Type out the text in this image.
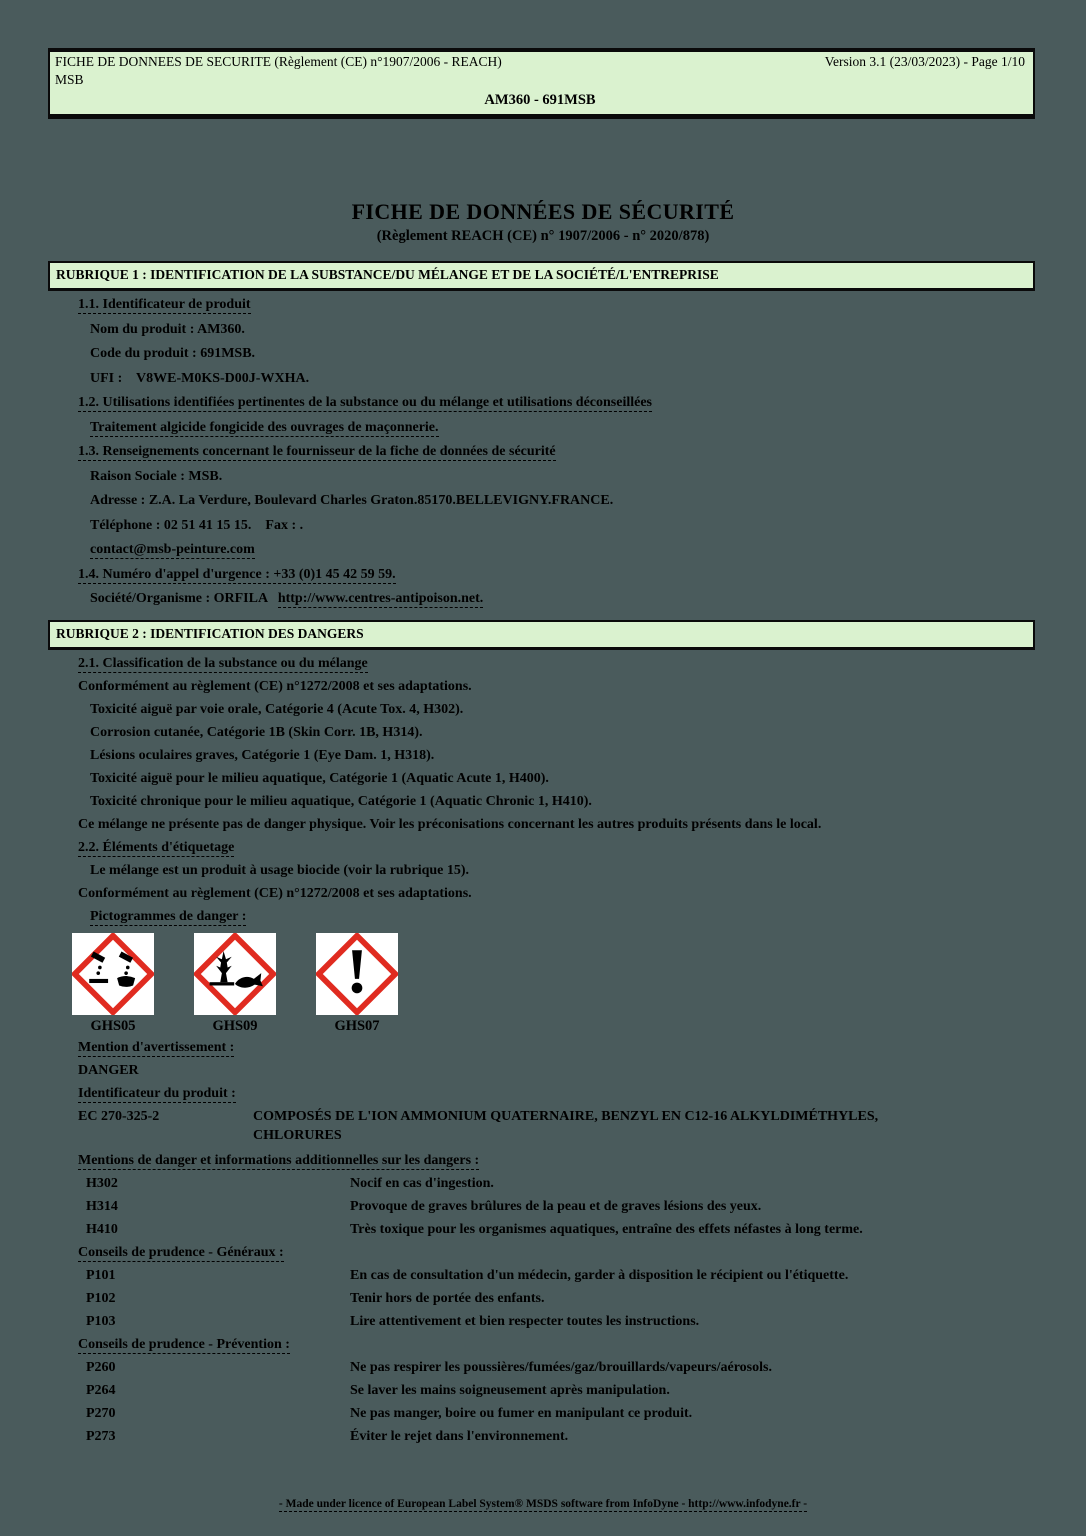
FICHE DE DONNEES DE SECURITE (Règlement (CE) n°1907/2006 - REACH)	Version 3.1 (23/03/2023) - Page 1/10
MSB
AM360 - 691MSB
FICHE DE DONNÉES DE SÉCURITÉ
(Règlement REACH (CE) n° 1907/2006 - n° 2020/878)
RUBRIQUE 1 : IDENTIFICATION DE LA SUBSTANCE/DU MÉLANGE ET DE LA SOCIÉTÉ/L'ENTREPRISE
1.1. Identificateur de produit
Nom du produit : AM360.
Code du produit : 691MSB.
UFI :    V8WE-M0KS-D00J-WXHA.
1.2. Utilisations identifiées pertinentes de la substance ou du mélange et utilisations déconseillées
Traitement algicide fongicide des ouvrages de maçonnerie.
1.3. Renseignements concernant le fournisseur de la fiche de données de sécurité
Raison Sociale : MSB.
Adresse : Z.A. La Verdure, Boulevard Charles Graton.85170.BELLEVIGNY.FRANCE.
Téléphone : 02 51 41 15 15.    Fax : .
contact@msb-peinture.com
1.4. Numéro d'appel d'urgence : +33 (0)1 45 42 59 59.
Société/Organisme : ORFILA   http://www.centres-antipoison.net.
RUBRIQUE 2 : IDENTIFICATION DES DANGERS
2.1. Classification de la substance ou du mélange
Conformément au règlement (CE) n°1272/2008 et ses adaptations.
Toxicité aiguë par voie orale, Catégorie 4 (Acute Tox. 4, H302).
Corrosion cutanée, Catégorie 1B (Skin Corr. 1B, H314).
Lésions oculaires graves, Catégorie 1 (Eye Dam. 1, H318).
Toxicité aiguë pour le milieu aquatique, Catégorie 1 (Aquatic Acute 1, H400).
Toxicité chronique pour le milieu aquatique, Catégorie 1 (Aquatic Chronic 1, H410).
Ce mélange ne présente pas de danger physique. Voir les préconisations concernant les autres produits présents dans le local.
2.2. Éléments d'étiquetage
Le mélange est un produit à usage biocide (voir la rubrique 15).
Conformément au règlement (CE) n°1272/2008 et ses adaptations.
Pictogrammes de danger :
GHS05	GHS09	GHS07
Mention d'avertissement :
DANGER
Identificateur du produit :
EC 270-325-2	COMPOSÉS DE L'ION AMMONIUM QUATERNAIRE, BENZYL EN C12-16 ALKYLDIMÉTHYLES,
CHLORURES
Mentions de danger et informations additionnelles sur les dangers :
H302	Nocif en cas d'ingestion.
H314	Provoque de graves brûlures de la peau et de graves lésions des yeux.
H410	Très toxique pour les organismes aquatiques, entraîne des effets néfastes à long terme.
Conseils de prudence - Généraux :
P101	En cas de consultation d'un médecin, garder à disposition le récipient ou l'étiquette.
P102	Tenir hors de portée des enfants.
P103	Lire attentivement et bien respecter toutes les instructions.
Conseils de prudence - Prévention :
P260	Ne pas respirer les poussières/fumées/gaz/brouillards/vapeurs/aérosols.
P264	Se laver les mains soigneusement après manipulation.
P270	Ne pas manger, boire ou fumer en manipulant ce produit.
P273	Éviter le rejet dans l'environnement.
- Made under licence of European Label System® MSDS software from InfoDyne - http://www.infodyne.fr -
